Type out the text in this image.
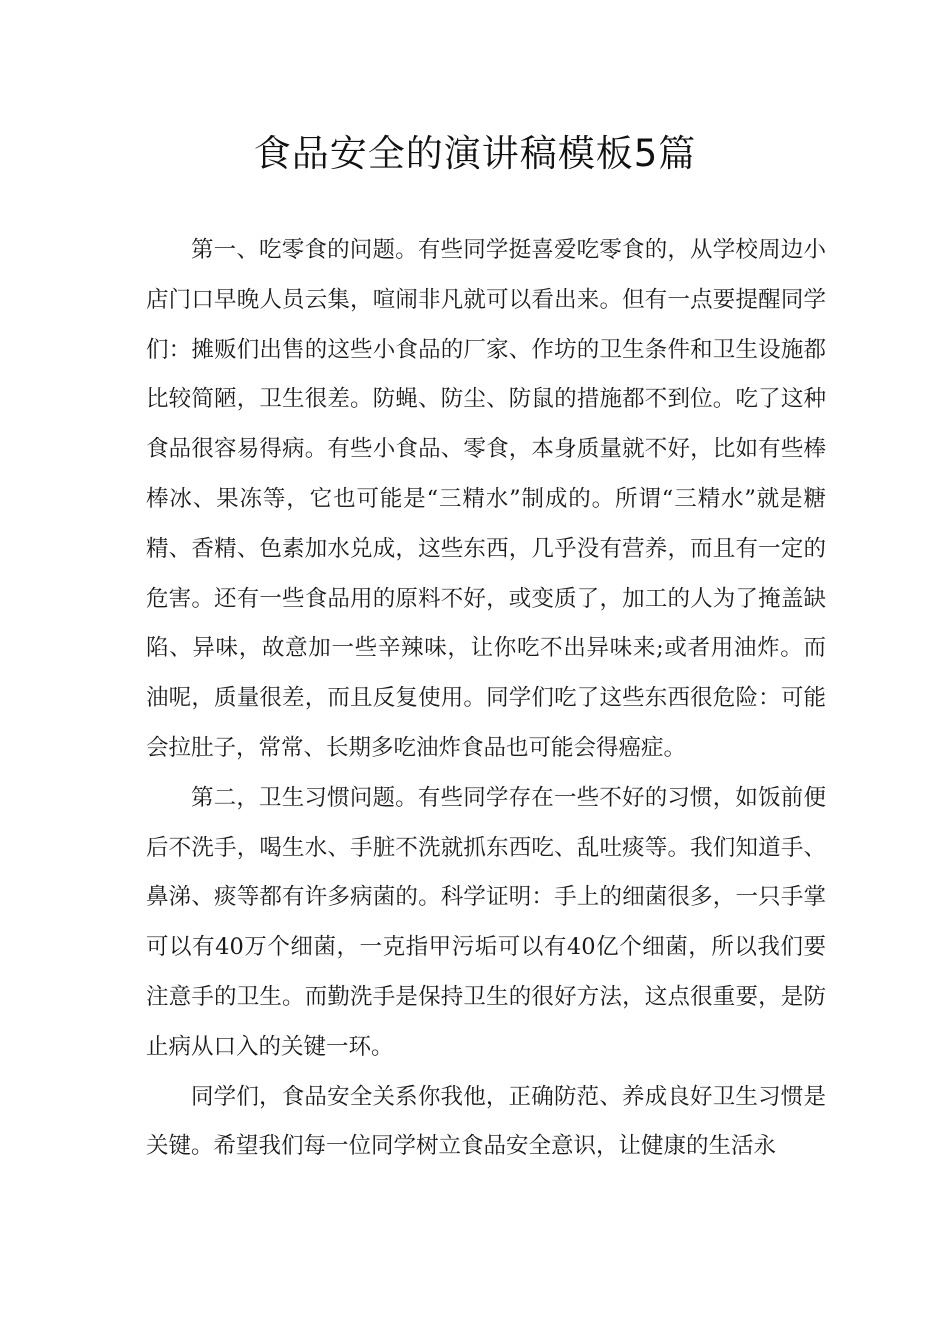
食品安全的演讲稿模板5篇

第一、吃零食的问题。有些同学挺喜爱吃零食的，从学校周边小店门口早晚人员云集，喧闹非凡就可以看出来。但有一点要提醒同学们：摊贩们出售的这些小食品的厂家、作坊的卫生条件和卫生设施都比较简陋，卫生很差。防蝇、防尘、防鼠的措施都不到位。吃了这种食品很容易得病。有些小食品、零食，本身质量就不好，比如有些棒棒冰、果冻等，它也可能是“三精水”制成的。所谓“三精水”就是糖精、香精、色素加水兑成，这些东西，几乎没有营养，而且有一定的危害。还有一些食品用的原料不好，或变质了，加工的人为了掩盖缺陷、异味，故意加一些辛辣味，让你吃不出异味来;或者用油炸。而油呢，质量很差，而且反复使用。同学们吃了这些东西很危险：可能会拉肚子，常常、长期多吃油炸食品也可能会得癌症。

第二，卫生习惯问题。有些同学存在一些不好的习惯，如饭前便后不洗手，喝生水、手脏不洗就抓东西吃、乱吐痰等。我们知道手、鼻涕、痰等都有许多病菌的。科学证明：手上的细菌很多，一只手掌可以有40万个细菌，一克指甲污垢可以有40亿个细菌，所以我们要注意手的卫生。而勤洗手是保持卫生的很好方法，这点很重要，是防止病从口入的关键一环。

同学们，食品安全关系你我他，正确防范、养成良好卫生习惯是关键。希望我们每一位同学树立食品安全意识，让健康的生活永
